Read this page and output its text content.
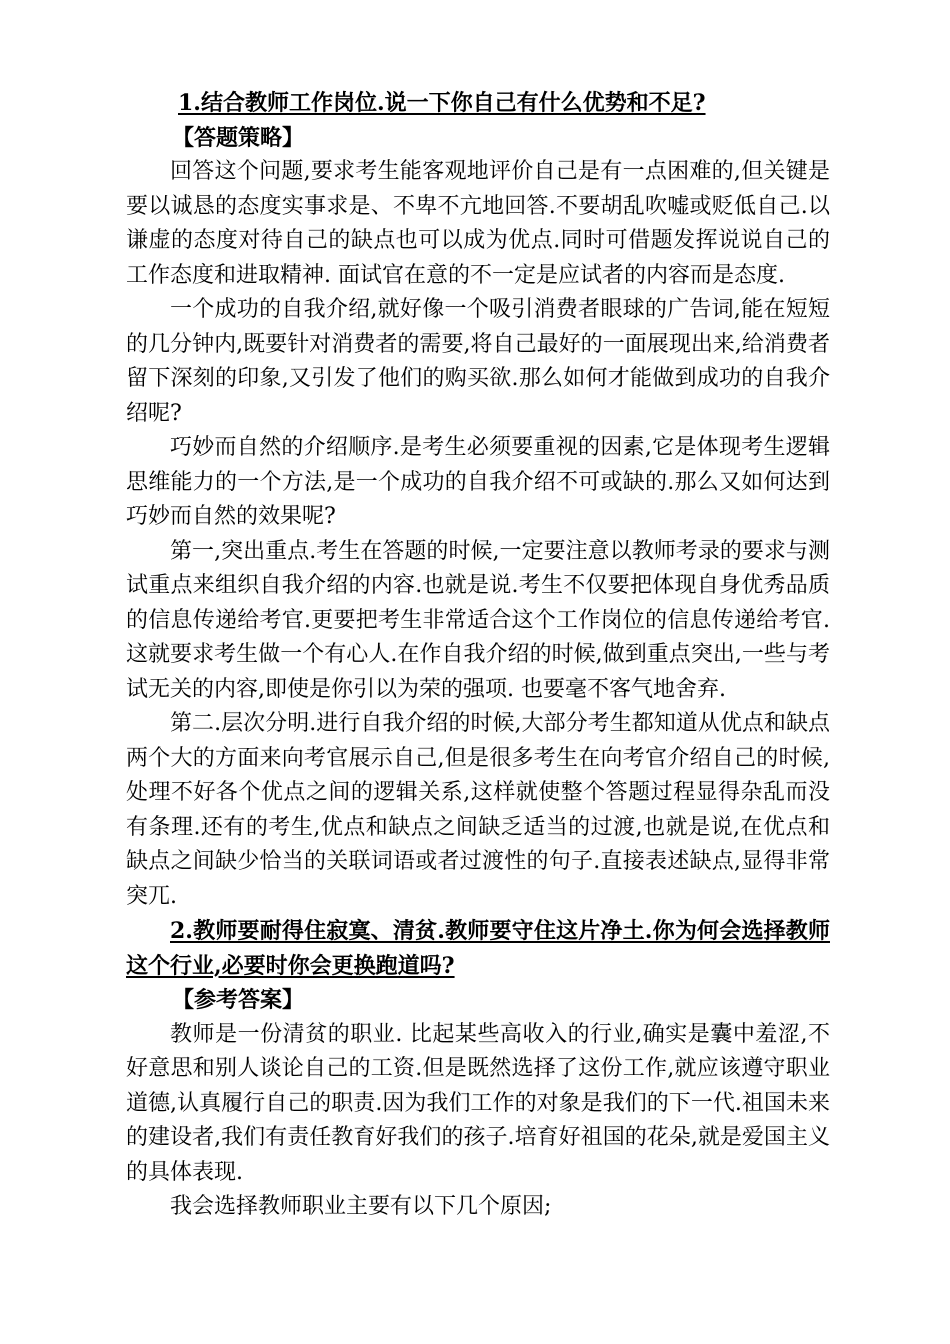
1.结合教师工作岗位.说一下你自己有什么优势和不足?
【答题策略】

回答这个问题,要求考生能客观地评价自己是有一点困难的,但关键是要以诚恳的态度实事求是、不卑不亢地回答.不要胡乱吹嘘或贬低自己.以谦虚的态度对待自己的缺点也可以成为优点.同时可借题发挥说说自己的工作态度和进取精神. 面试官在意的不一定是应试者的内容而是态度.

一个成功的自我介绍,就好像一个吸引消费者眼球的广告词,能在短短的几分钟内,既要针对消费者的需要,将自己最好的一面展现出来,给消费者留下深刻的印象,又引发了他们的购买欲.那么如何才能做到成功的自我介绍呢?

巧妙而自然的介绍顺序.是考生必须要重视的因素,它是体现考生逻辑思维能力的一个方法,是一个成功的自我介绍不可或缺的.那么又如何达到巧妙而自然的效果呢?

第一,突出重点.考生在答题的时候,一定要注意以教师考录的要求与测试重点来组织自我介绍的内容.也就是说.考生不仅要把体现自身优秀品质的信息传递给考官.更要把考生非常适合这个工作岗位的信息传递给考官.这就要求考生做一个有心人.在作自我介绍的时候,做到重点突出,一些与考试无关的内容,即使是你引以为荣的强项. 也要毫不客气地舍弃.

第二.层次分明.进行自我介绍的时候,大部分考生都知道从优点和缺点两个大的方面来向考官展示自己,但是很多考生在向考官介绍自己的时候,处理不好各个优点之间的逻辑关系,这样就使整个答题过程显得杂乱而没有条理.还有的考生,优点和缺点之间缺乏适当的过渡,也就是说,在优点和缺点之间缺少恰当的关联词语或者过渡性的句子.直接表述缺点,显得非常突兀.

2.教师要耐得住寂寞、清贫.教师要守住这片净土.你为何会选择教师这个行业,必要时你会更换跑道吗?

【参考答案】

教师是一份清贫的职业. 比起某些高收入的行业,确实是囊中羞涩,不好意思和别人谈论自己的工资.但是既然选择了这份工作,就应该遵守职业道德,认真履行自己的职责.因为我们工作的对象是我们的下一代.祖国未来的建设者,我们有责任教育好我们的孩子.培育好祖国的花朵,就是爱国主义的具体表现.

我会选择教师职业主要有以下几个原因;
